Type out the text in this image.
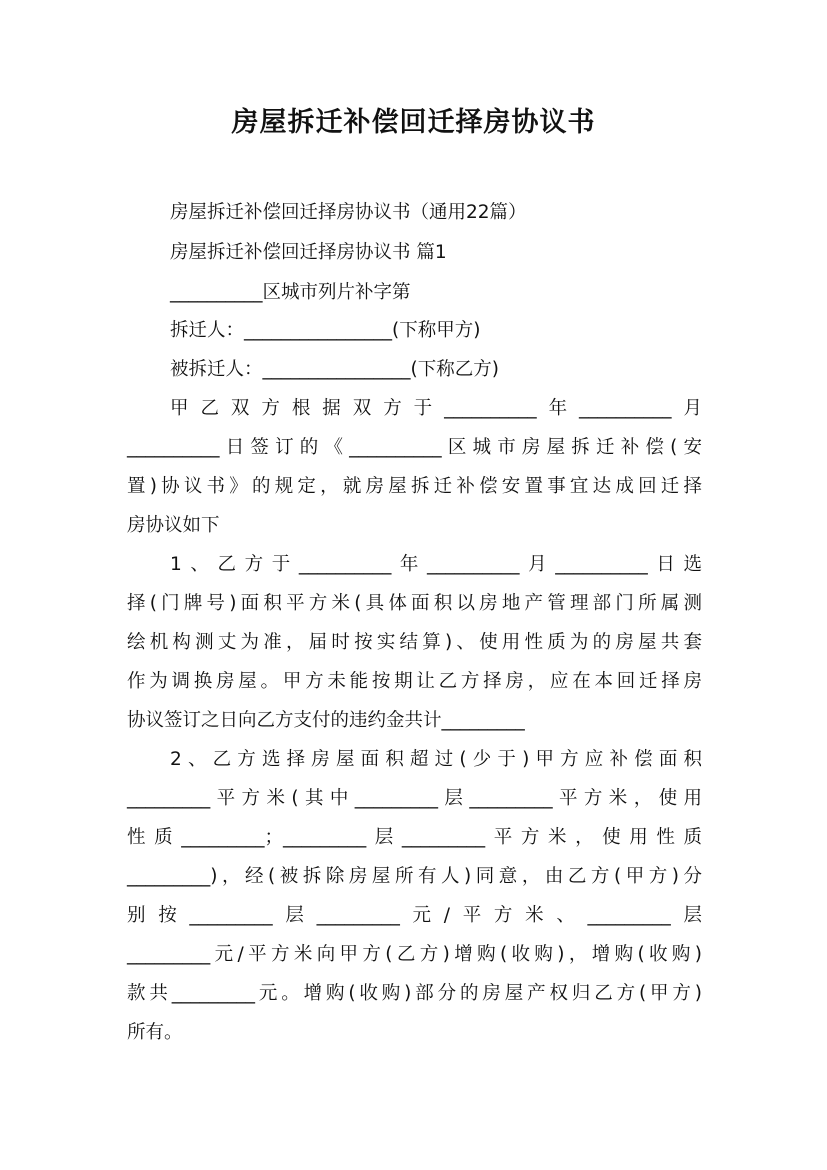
房屋拆迁补偿回迁择房协议书
房屋拆迁补偿回迁择房协议书（通用22篇）
房屋拆迁补偿回迁择房协议书 篇1
__________区城市列片补字第
拆迁人：________________(下称甲方)
被拆迁人：________________(下称乙方)
甲乙双方根据双方于__________年__________月
__________日签订的《__________区城市房屋拆迁补偿(安
置)协议书》的规定，就房屋拆迁补偿安置事宜达成回迁择
房协议如下
1、乙方于__________年__________月__________日选
择(门牌号)面积平方米(具体面积以房地产管理部门所属测
绘机构测丈为准，届时按实结算)、使用性质为的房屋共套
作为调换房屋。甲方未能按期让乙方择房，应在本回迁择房
协议签订之日向乙方支付的违约金共计_________
2、乙方选择房屋面积超过(少于)甲方应补偿面积
_________平方米(其中_________层_________平方米，使用
性质_________；_________层_________平方米，使用性质
_________)，经(被拆除房屋所有人)同意，由乙方(甲方)分
别按_________层_________元/平方米、_________层
_________元/平方米向甲方(乙方)增购(收购)，增购(收购)
款共_________元。增购(收购)部分的房屋产权归乙方(甲方)
所有。
